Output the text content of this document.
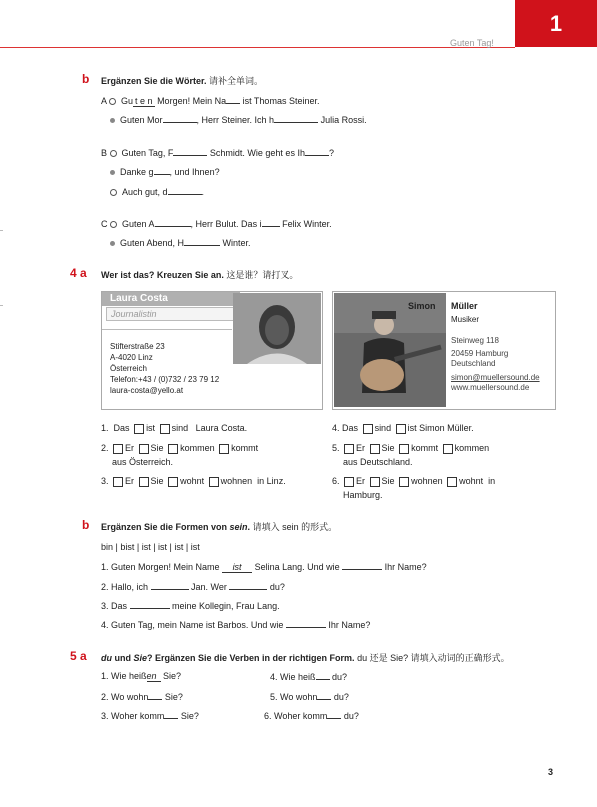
Guten Tag!
1
b Ergänzen Sie die Wörter. 请补全单词。
A Gu t e n Morgen! Mein Na ist Thomas Steiner.
Guten Mor	, Herr Steiner. Ich h	Julia Rossi.
B Guten Tag, F	Schmidt. Wie geht es Ih	?
Danke g , und Ihnen?
Auch gut, d	.
C Guten A	, Herr Bulut. Das i Felix Winter.
Guten Abend, H	Winter.
4 a Wer ist das? Kreuzen Sie an. 这是谁？请打叉。
Laura Costa
Journalistin
Stifterstraße 23
A-4020 Linz
Österreich
Telefon:+43 / (0)732 / 23 79 12
laura-costa@yello.at
Simon Müller
Musiker
Steinweg 118
20459 Hamburg
Deutschland
simon@muellersound.de
www.muellersound.de
1. Das ist sind Laura Costa.
2. Er Sie kommen kommt
aus Österreich.
3. Er Sie wohnt wohnen in Linz.
4. Das sind ist Simon Müller.
5. Er Sie kommt kommen
aus Deutschland.
6. Er Sie wohnen wohnt in
Hamburg.
b Ergänzen Sie die Formen von sein. 请填入 sein 的形式。
bin | bist | ist | ist | ist | ist
1. Guten Morgen! Mein Name ist Selina Lang. Und wie	Ihr Name?
2. Hallo, ich	Jan. Wer	du?
3. Das	meine Kollegin, Frau Lang.
4. Guten Tag, mein Name ist Barbos. Und wie	Ihr Name?
5 a du und Sie? Ergänzen Sie die Verben in der richtigen Form. du 还是 Sie? 请填入动词的正确形式。
1. Wie heißen Sie?
2. Wo wohn Sie?
3. Woher komm Sie?
4. Wie heiß du?
5. Wo wohn du?
6. Woher komm du?
3
